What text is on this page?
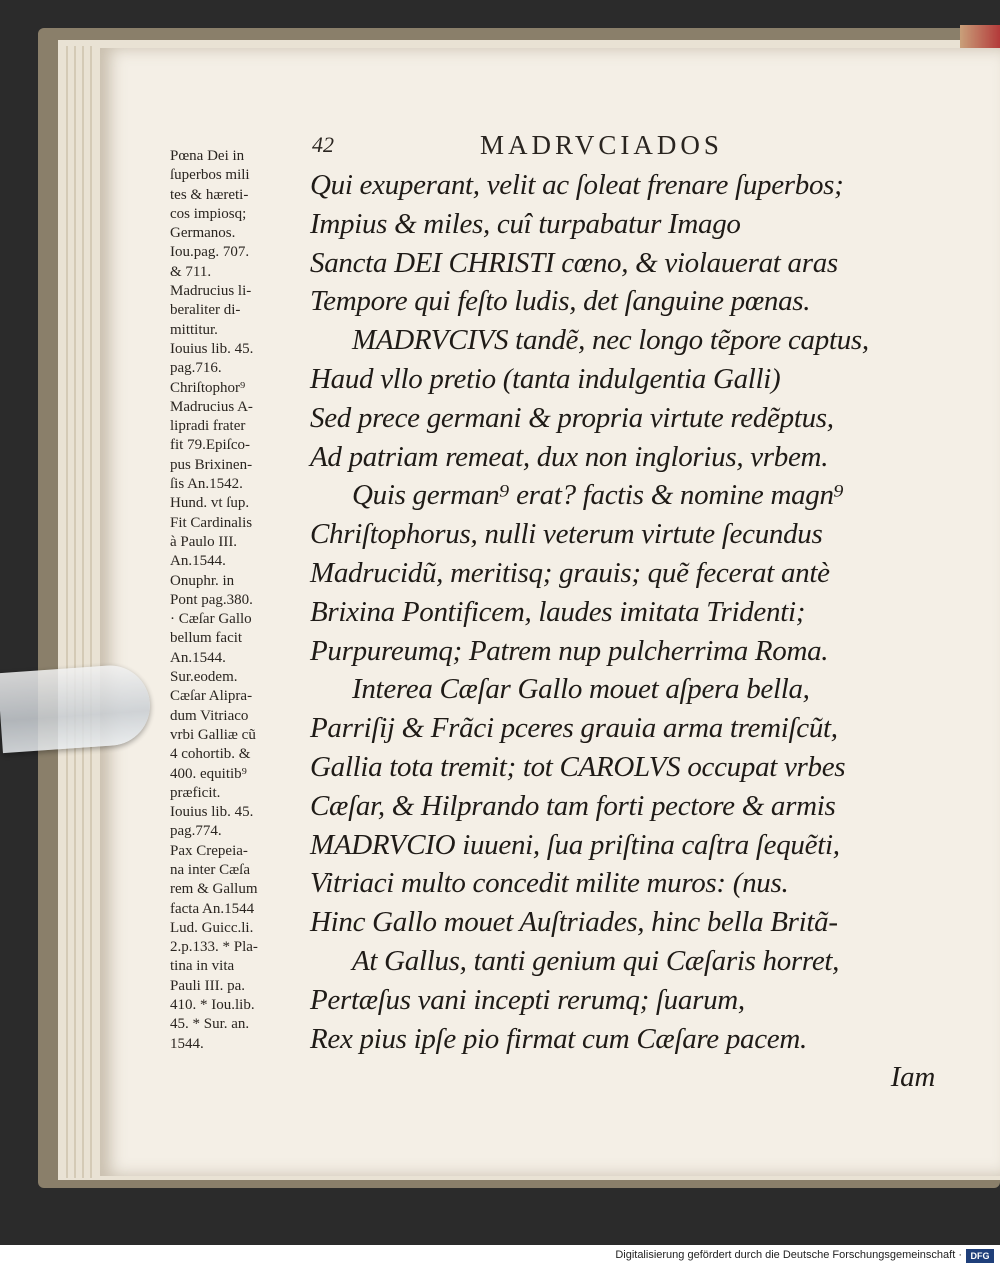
42	MADRVCIADOS
Pœna Dei in
ſuperbos mili
tes & hæreti-
cos impiosq;
Germanos.
Iou.pag. 707.
& 711.
Madrucius li-
beraliter di-
mittitur.
Iouius lib. 45.
pag.716.
Chriſtophor⁹
Madrucius A-
lipradi frater
fit 79.Epiſco-
pus Brixinen-
ſis An.1542.
Hund. vt ſup.
Fit Cardinalis
à Paulo III.
An.1544.
Onuphr. in
Pont pag.380.
· Cæſar Gallo
bellum facit
An.1544.
Sur.eodem.
Cæſar Alipra-
dum Vitriaco
vrbi Galliæ cũ
4 cohortib. &
400. equitib⁹
præficit.
Iouius lib. 45.
pag.774.
Pax Crepeia-
na inter Cæſa
rem & Gallum
facta An.1544
Lud. Guicc.li.
2.p.133. * Pla-
tina in vita
Pauli III. pa.
410. * Iou.lib.
45. * Sur. an.
1544.
Qui exuperant, velit ac ſoleat frenare ſuperbos;
Impius & miles, cuî turpabatur Imago
Sancta DEI CHRISTI cœno, & violauerat aras
Tempore qui feſto ludis, det ſanguine pœnas.
MADRVCIVS tandẽ, nec longo tẽpore captus,
Haud vllo pretio (tanta indulgentia Galli)
Sed prece germani & propria virtute redẽptus,
Ad patriam remeat, dux non inglorius, vrbem.
Quis german⁹ erat? factis & nomine magn⁹
Chriſtophorus, nulli veterum virtute ſecundus
Madrucidũ, meritisq; grauis; quẽ fecerat antè
Brixina Pontificem, laudes imitata Tridenti;
Purpureumq; Patrem nup pulcherrima Roma.
Interea Cæſar Gallo mouet aſpera bella,
Parriſij & Frãci pceres grauia arma tremiſcũt,
Gallia tota tremit; tot CAROLVS occupat vrbes
Cæſar, & Hilprando tam forti pectore & armis
MADRVCIO iuueni, ſua priſtina caſtra ſequẽti,
Vitriaci multo concedit milite muros: (nus.
Hinc Gallo mouet Auſtriades, hinc bella Britã-
At Gallus, tanti genium qui Cæſaris horret,
Pertæſus vani incepti rerumq; ſuarum,
Rex pius ipſe pio firmat cum Cæſare pacem.
Iam
Digitalisierung gefördert durch die Deutsche Forschungsgemeinschaft · DFG
